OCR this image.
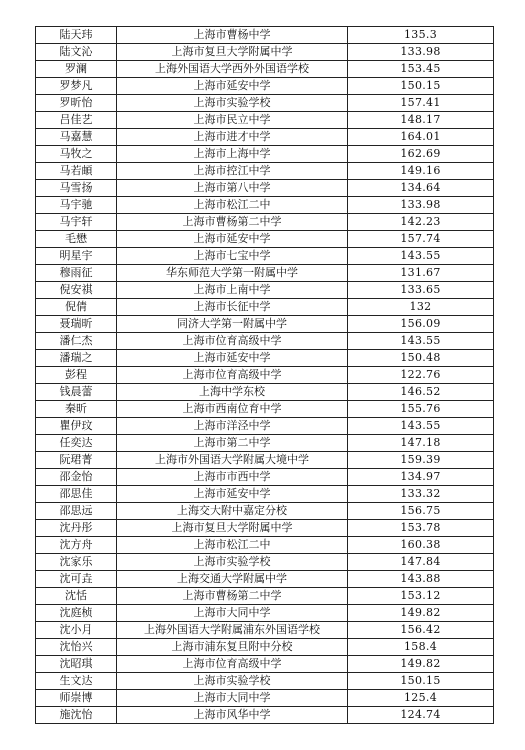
陆天玮	上海市曹杨中学	135.3
陆文沁	上海市复旦大学附属中学	133.98
罗澜	上海外国语大学西外外国语学校	153.45
罗梦凡	上海市延安中学	150.15
罗昕怡	上海市实验学校	157.41
吕佳艺	上海市民立中学	148.17
马嘉慧	上海市进才中学	164.01
马牧之	上海市上海中学	162.69
马若頔	上海市控江中学	149.16
马雪扬	上海市第八中学	134.64
马宇驰	上海市松江二中	133.98
马宇轩	上海市曹杨第二中学	142.23
毛懋	上海市延安中学	157.74
明星宇	上海市七宝中学	143.55
穆雨征	华东师范大学第一附属中学	131.67
倪安祺	上海市上南中学	133.65
倪倩	上海市长征中学	132
聂瑞昕	同济大学第一附属中学	156.09
潘仁杰	上海市位育高级中学	143.55
潘瑞之	上海市延安中学	150.48
彭程	上海市位育高级中学	122.76
钱晨蕾	上海中学东校	146.52
秦昕	上海市西南位育中学	155.76
瞿伊玟	上海市洋泾中学	143.55
任奕达	上海市第二中学	147.18
阮珺菁	上海市外国语大学附属大境中学	159.39
邵金怡	上海市市西中学	134.97
邵思佳	上海市延安中学	133.32
邵思远	上海交大附中嘉定分校	156.75
沈丹彤	上海市复旦大学附属中学	153.78
沈方舟	上海市松江二中	160.38
沈家乐	上海市实验学校	147.84
沈可垚	上海交通大学附属中学	143.88
沈恬	上海市曹杨第二中学	153.12
沈庭桢	上海市大同中学	149.82
沈小月	上海外国语大学附属浦东外国语学校	156.42
沈怡兴	上海市浦东复旦附中分校	158.4
沈昭琪	上海市位育高级中学	149.82
生文达	上海市实验学校	150.15
师崇博	上海市大同中学	125.4
施沈怡	上海市风华中学	124.74
